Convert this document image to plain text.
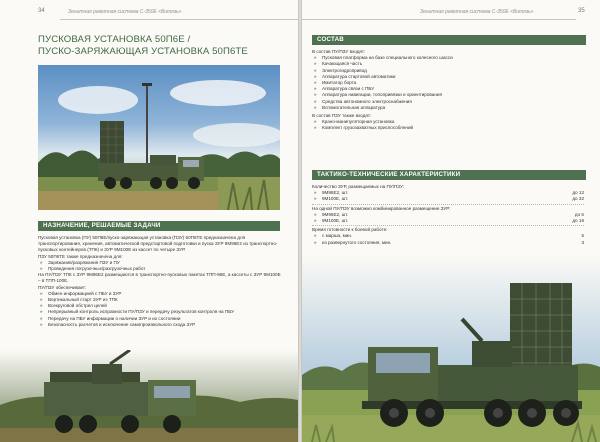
34	Зенитная ракетная система С-350Е «Витязь»
ПУСКОВАЯ УСТАНОВКА 50П6Е /
ПУСКО-ЗАРЯЖАЮЩАЯ УСТАНОВКА 50П6ТЕ
НАЗНАЧЕНИЕ, РЕШАЕМЫЕ ЗАДАЧИ

Пусковая установка (ПУ) 50П6Е/пуско-заряжающая установка (ПЗУ) 50П6ТЕ предназначена для транспортирования, хранения, автоматической предстартовой подготовки и пуска ЗУР 9М96Е2 из транспортно-пусковых контейнеров (ТПК) и ЗУР 9М100Е из кассет по четыре ЗУР.

ПЗУ 50П6ТЕ также предназначена для:

» Заряжания/разряжания ПЗУ и ПУ
» Проведения погрузочных/разгрузочных работ

На ПУ/ПЗУ ТПК с ЗУР 9М96Е2 размещаются в транспортно-пусковых пакетах ТПП-96Е, а кассеты с ЗУР 9М100Е – в ТПП-100Е.

ПУ/ПЗУ обеспечивает:

» Обмен информацией с ПБУ и ЗУР
» Вертикальный старт ЗУР из ТПК
» Всекруговой обстрел целей
» Непрерывный контроль исправности ПУ/ПЗУ и передачу результатов контроля на ПБУ
» Передачу на ПБУ информации о наличии ЗУР и их состоянии
» Безопасность расчетов и исключение самопроизвольного схода ЗУР
Зенитная ракетная система С-350Е «Витязь»	35
СОСТАВ

В состав ПУ/ПЗУ входят:

» Пусковая платформа на базе специального колесного шасси
» Качающаяся часть
» Электрогидропривод
» Аппаратура стартовой автоматики
» Имитатор борта
» Аппаратура связи с ПБУ
» Аппаратура навигации, топопривязки и ориентирования
» Средства автономного электроснабжения
» Вспомогательная аппаратура

В состав ПЗУ также входят:

» Крано-манипуляторная установка
» Комплект грузозахватных приспособлений
ТАКТИКО-ТЕХНИЧЕСКИЕ ХАРАКТЕРИСТИКИ
Количество ЗУР, размещаемых на ПУ/ПЗУ:
» 9М96Е2, шт.	до 12
» 9М100Е, шт.	до 32
На одной ПУ/ПЗУ возможно комбинированное размещение ЗУР:
» 9М96Е2, шт.	до 6
» 9М100Е, шт.	до 16
Время готовности к боевой работе:
» с марша, мин.	5
» из развернутого состояния, мин.	3
